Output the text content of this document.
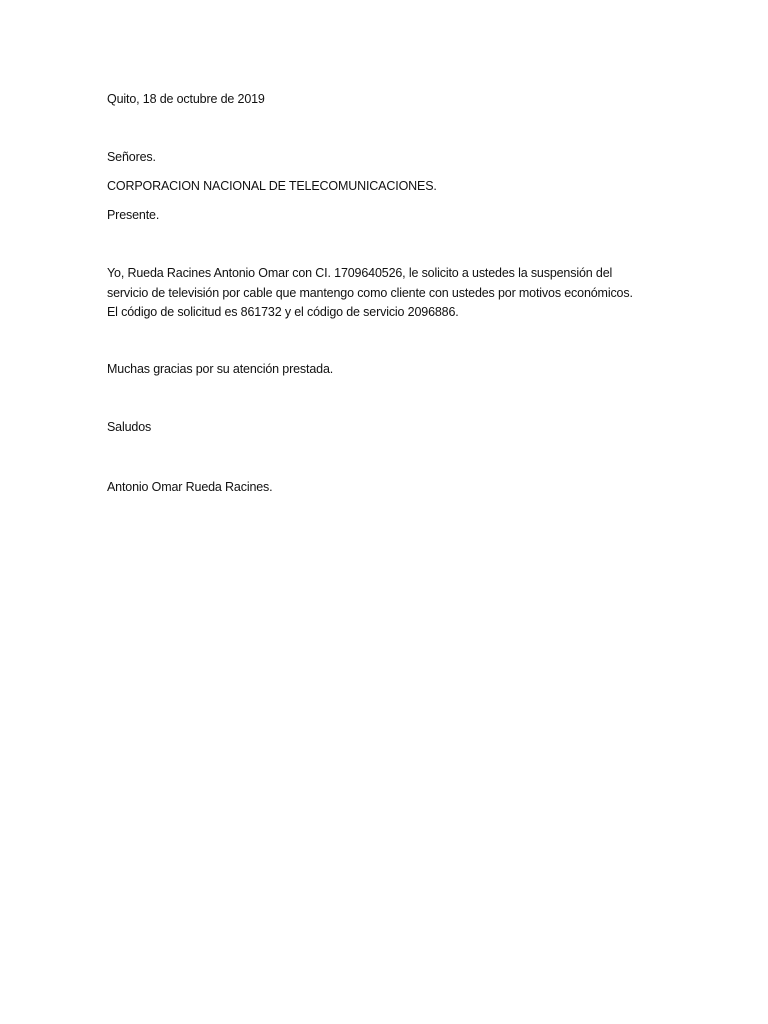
Quito, 18 de octubre de 2019

Señores.

CORPORACION NACIONAL DE TELECOMUNICACIONES.

Presente.

Yo, Rueda Racines Antonio Omar con CI. 1709640526, le solicito a ustedes la suspensión del

servicio de televisión por cable que mantengo como cliente con ustedes por motivos económicos.

El código de solicitud es 861732 y el código de servicio 2096886.

Muchas gracias por su atención prestada.

Saludos

Antonio Omar Rueda Racines.
